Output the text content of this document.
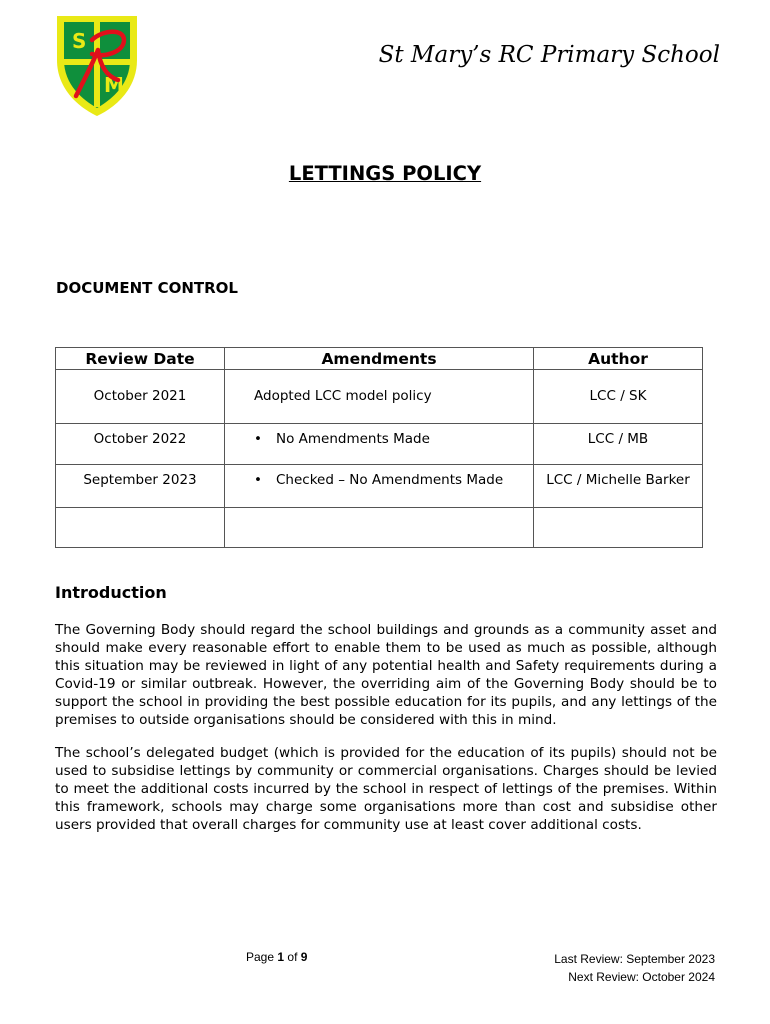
S
M
St Mary’s RC Primary School
LETTINGS POLICY
DOCUMENT CONTROL
Review Date	Amendments	Author

October 2021	Adopted LCC model policy	LCC / SK

October 2022	• No Amendments Made	LCC / MB

September 2023	• Checked – No Amendments Made	LCC / Michelle Barker

Introduction
The Governing Body should regard the school buildings and grounds as a community asset and should make every reasonable effort to enable them to be used as much as possible, although this situation may be reviewed in light of any potential health and Safety requirements during a Covid-19 or similar outbreak. However, the overriding aim of the Governing Body should be to support the school in providing the best possible education for its pupils, and any lettings of the premises to outside organisations should be considered with this in mind.
The school’s delegated budget (which is provided for the education of its pupils) should not be used to subsidise lettings by community or commercial organisations. Charges should be levied to meet the additional costs incurred by the school in respect of lettings of the premises. Within this framework, schools may charge some organisations more than cost and subsidise other users provided that overall charges for community use at least cover additional costs.
Page 1 of 9	Last Review: September 2023
Next Review: October 2024
